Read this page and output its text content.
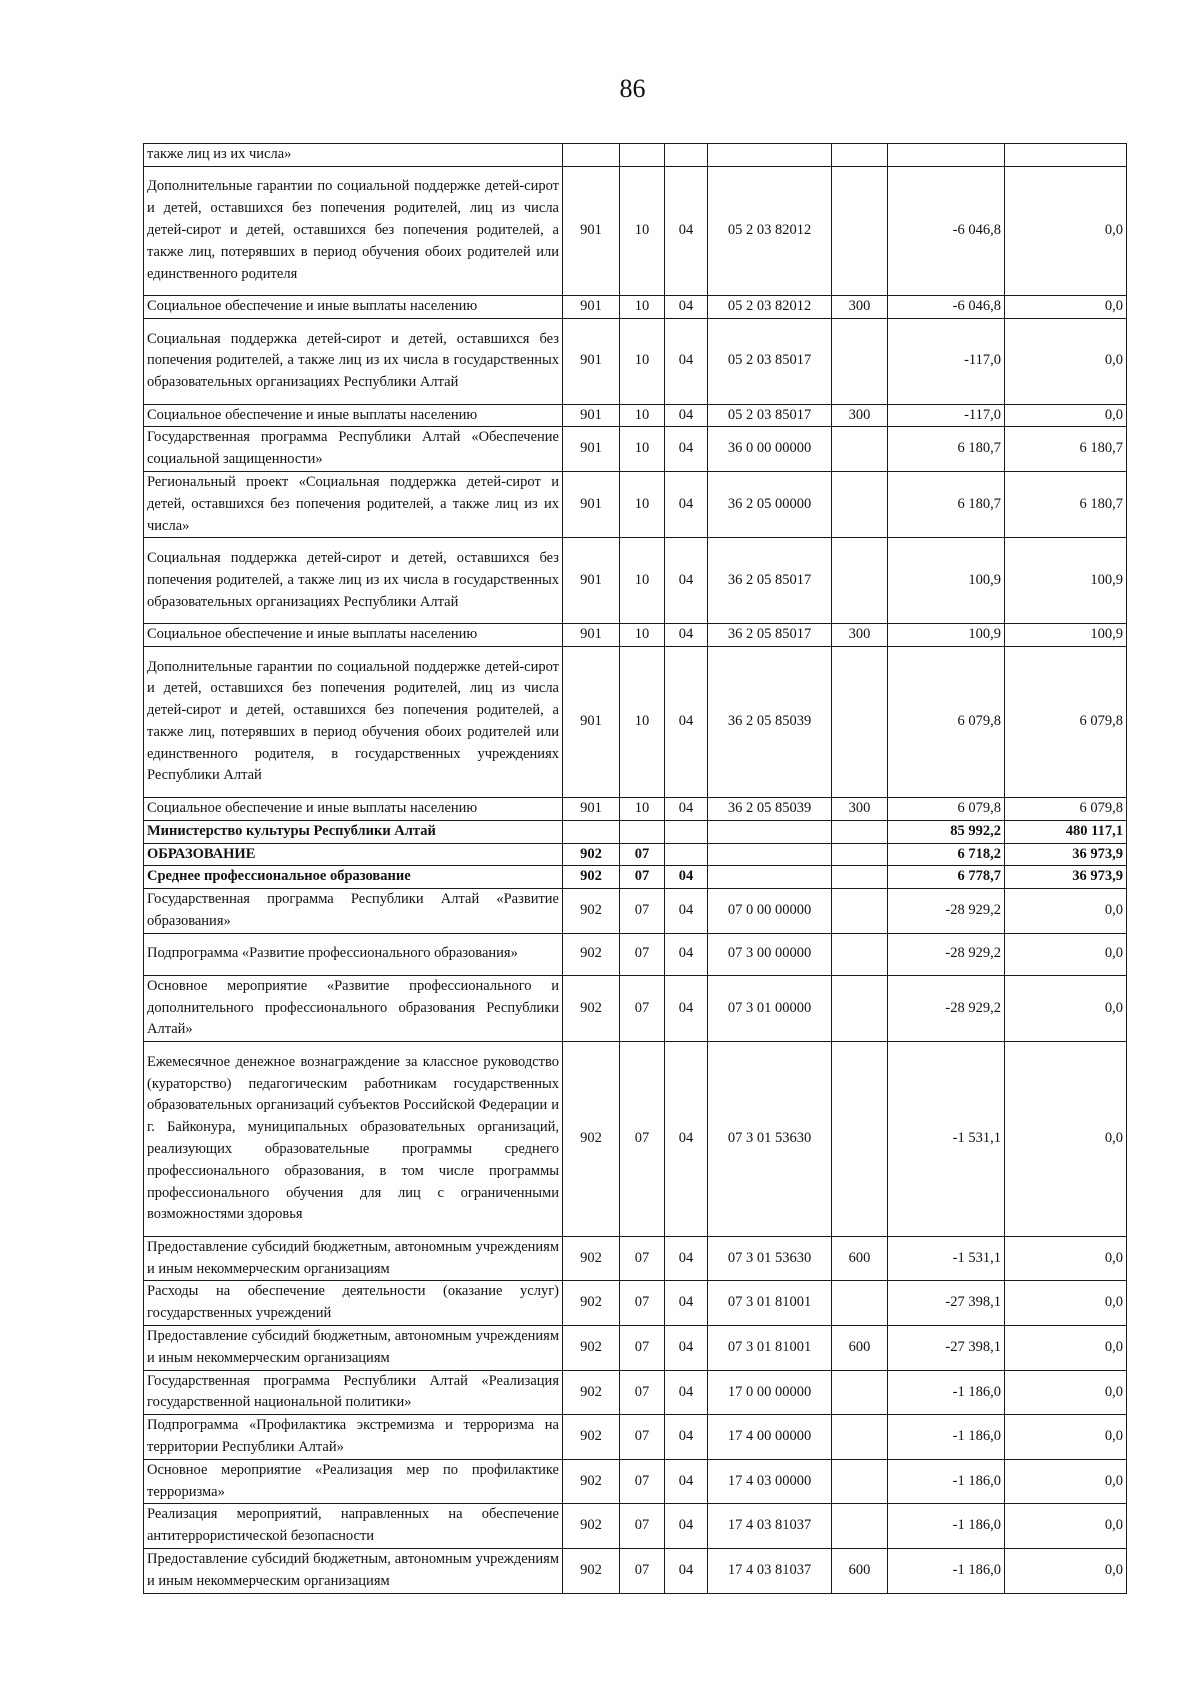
86
также лиц из их числа»							
Дополнительные гарантии по социальной поддержке детей-сирот и детей, оставшихся без попечения родителей, лиц из числа детей-сирот и детей, оставшихся без попечения родителей, а также лиц, потерявших в период обучения обоих родителей или единственного родителя	901	10	04	05 2 03 82012		-6 046,8	0,0
Социальное обеспечение и иные выплаты населению	901	10	04	05 2 03 82012	300	-6 046,8	0,0
Социальная поддержка детей-сирот и детей, оставшихся без попечения родителей, а также лиц из их числа в государственных образовательных организациях Республики Алтай	901	10	04	05 2 03 85017		-117,0	0,0
Социальное обеспечение и иные выплаты населению	901	10	04	05 2 03 85017	300	-117,0	0,0
Государственная программа Республики Алтай «Обеспечение социальной защищенности»	901	10	04	36 0 00 00000		6 180,7	6 180,7
Региональный проект «Социальная поддержка детей-сирот и детей, оставшихся без попечения родителей, а также лиц из их числа»	901	10	04	36 2 05 00000		6 180,7	6 180,7
Социальная поддержка детей-сирот и детей, оставшихся без попечения родителей, а также лиц из их числа в государственных образовательных организациях Республики Алтай	901	10	04	36 2 05 85017		100,9	100,9
Социальное обеспечение и иные выплаты населению	901	10	04	36 2 05 85017	300	100,9	100,9
Дополнительные гарантии по социальной поддержке детей-сирот и детей, оставшихся без попечения родителей, лиц из числа детей-сирот и детей, оставшихся без попечения родителей, а также лиц, потерявших в период обучения обоих родителей или единственного родителя, в государственных учреждениях Республики Алтай	901	10	04	36 2 05 85039		6 079,8	6 079,8
Социальное обеспечение и иные выплаты населению	901	10	04	36 2 05 85039	300	6 079,8	6 079,8
Министерство культуры Республики Алтай						85 992,2	480 117,1
ОБРАЗОВАНИЕ	902	07				6 718,2	36 973,9
Среднее профессиональное образование	902	07	04			6 778,7	36 973,9
Государственная программа Республики Алтай «Развитие образования»	902	07	04	07 0 00 00000		-28 929,2	0,0
Подпрограмма «Развитие профессионального образования»	902	07	04	07 3 00 00000		-28 929,2	0,0
Основное мероприятие «Развитие профессионального и дополнительного профессионального образования Республики Алтай»	902	07	04	07 3 01 00000		-28 929,2	0,0
Ежемесячное денежное вознаграждение за классное руководство (кураторство) педагогическим работникам государственных образовательных организаций субъектов Российской Федерации и г. Байконура, муниципальных образовательных организаций, реализующих образовательные программы среднего профессионального образования, в том числе программы профессионального обучения для лиц с ограниченными возможностями здоровья	902	07	04	07 3 01 53630		-1 531,1	0,0
Предоставление субсидий бюджетным, автономным учреждениям и иным некоммерческим организациям	902	07	04	07 3 01 53630	600	-1 531,1	0,0
Расходы на обеспечение деятельности (оказание услуг) государственных учреждений	902	07	04	07 3 01 81001		-27 398,1	0,0
Предоставление субсидий бюджетным, автономным учреждениям и иным некоммерческим организациям	902	07	04	07 3 01 81001	600	-27 398,1	0,0
Государственная программа Республики Алтай «Реализация государственной национальной политики»	902	07	04	17 0 00 00000		-1 186,0	0,0
Подпрограмма «Профилактика экстремизма и терроризма на территории Республики Алтай»	902	07	04	17 4 00 00000		-1 186,0	0,0
Основное мероприятие «Реализация мер по профилактике терроризма»	902	07	04	17 4 03 00000		-1 186,0	0,0
Реализация мероприятий, направленных на обеспечение антитеррористической безопасности	902	07	04	17 4 03 81037		-1 186,0	0,0
Предоставление субсидий бюджетным, автономным учреждениям и иным некоммерческим организациям	902	07	04	17 4 03 81037	600	-1 186,0	0,0
